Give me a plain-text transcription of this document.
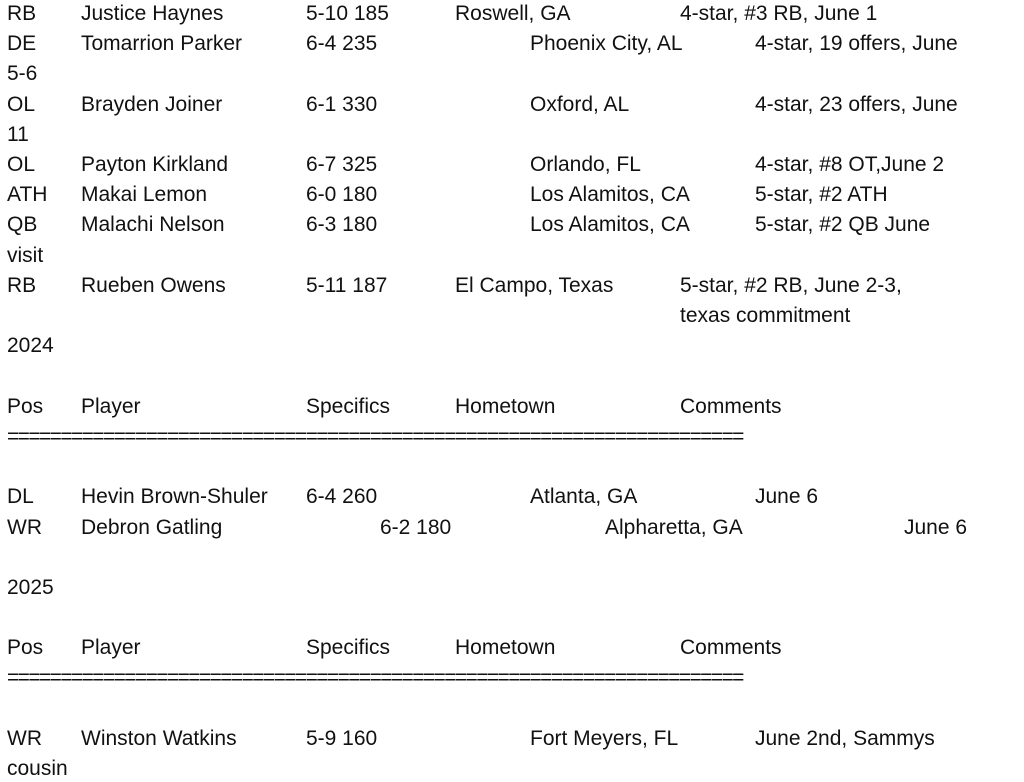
RB Justice Haynes	5-10 185	Roswell, GA	4-star, #3 RB, June 1
DE Tomarrion Parker	6-4 235	Phoenix City, AL	4-star, 19 offers, June
5-6
OL Brayden Joiner	6-1 330	Oxford, AL	4-star, 23 offers, June
11
OL Payton Kirkland	6-7 325	Orlando, FL	4-star, #8 OT,June 2
ATH Makai Lemon	6-0 180	Los Alamitos, CA	5-star, #2 ATH
QB Malachi Nelson	6-3 180	Los Alamitos, CA	5-star, #2 QB June
visit
RB Rueben Owens	5-11 187	El Campo, Texas	5-star, #2 RB, June 2-3,
texas commitment
2024
Pos Player	Specifics	Hometown	Comments
=====================================================================
DL Hevin Brown-Shuler 6-4 260	Atlanta, GA	June 6
WR Debron Gatling	6-2 180	Alpharetta, GA	June 6
2025
Pos Player	Specifics	Hometown	Comments
=====================================================================
WR Winston Watkins	5-9 160	Fort Meyers, FL	June 2nd, Sammys
cousin
